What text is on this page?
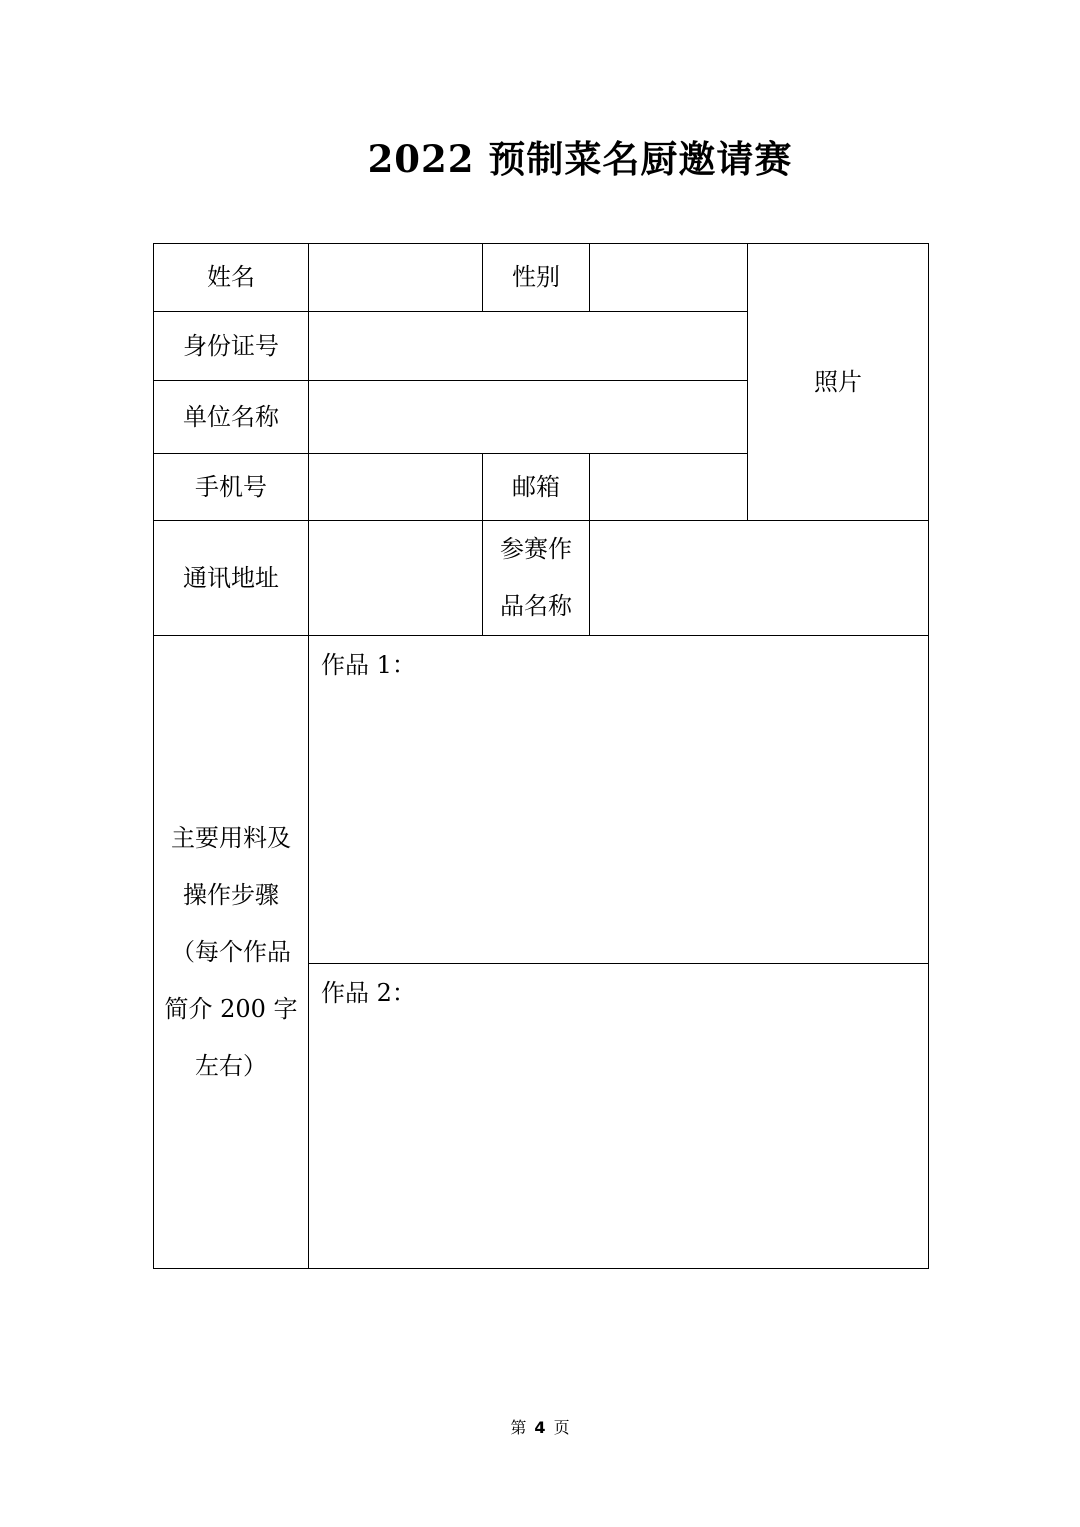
2022 预制菜名厨邀请赛
姓名		性别		照片
身份证号				
单位名称				
手机号		邮箱		
通讯地址		参赛作
品名称		

主要用料及
操作步骤
（每个作品
简介 200 字
左右）	作品 1：			
	作品 2：			
第 4 页
